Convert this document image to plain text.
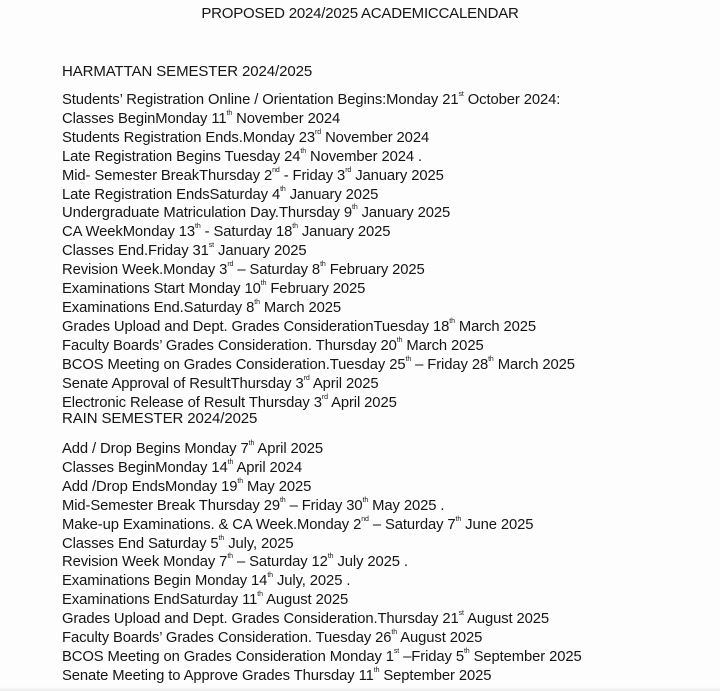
PROPOSED 2024/2025 ACADEMICCALENDAR
HARMATTAN SEMESTER 2024/2025
Students’ Registration Online / Orientation Begins:Monday 21st October 2024:
Classes BeginMonday 11th November 2024
Students Registration Ends.Monday 23rd November 2024
Late Registration Begins Tuesday 24th November 2024 .
Mid- Semester BreakThursday 2nd - Friday 3rd January 2025
Late Registration EndsSaturday 4th January 2025
Undergraduate Matriculation Day.Thursday 9th January 2025
CA WeekMonday 13th - Saturday 18th January 2025
Classes End.Friday 31st January 2025
Revision Week.Monday 3rd – Saturday 8th February 2025
Examinations Start Monday 10th February 2025
Examinations End.Saturday 8th March 2025
Grades Upload and Dept. Grades ConsiderationTuesday 18th March 2025
Faculty Boards’ Grades Consideration. Thursday 20th March 2025
BCOS Meeting on Grades Consideration.Tuesday 25th – Friday 28th March 2025
Senate Approval of ResultThursday 3rd April 2025
Electronic Release of Result Thursday 3rd April 2025
RAIN SEMESTER 2024/2025
Add / Drop Begins Monday 7th April 2025
Classes BeginMonday 14th April 2024
Add /Drop EndsMonday 19th May 2025
Mid-Semester Break Thursday 29th – Friday 30th May 2025 .
Make-up Examinations. & CA Week.Monday 2nd – Saturday 7th June 2025
Classes End Saturday 5th July, 2025
Revision Week Monday 7th – Saturday 12th July 2025 .
Examinations Begin Monday 14th July, 2025 .
Examinations EndSaturday 11th August 2025
Grades Upload and Dept. Grades Consideration.Thursday 21st August 2025
Faculty Boards’ Grades Consideration. Tuesday 26th August 2025
BCOS Meeting on Grades Consideration Monday 1st –Friday 5th September 2025
Senate Meeting to Approve Grades Thursday 11th September 2025
